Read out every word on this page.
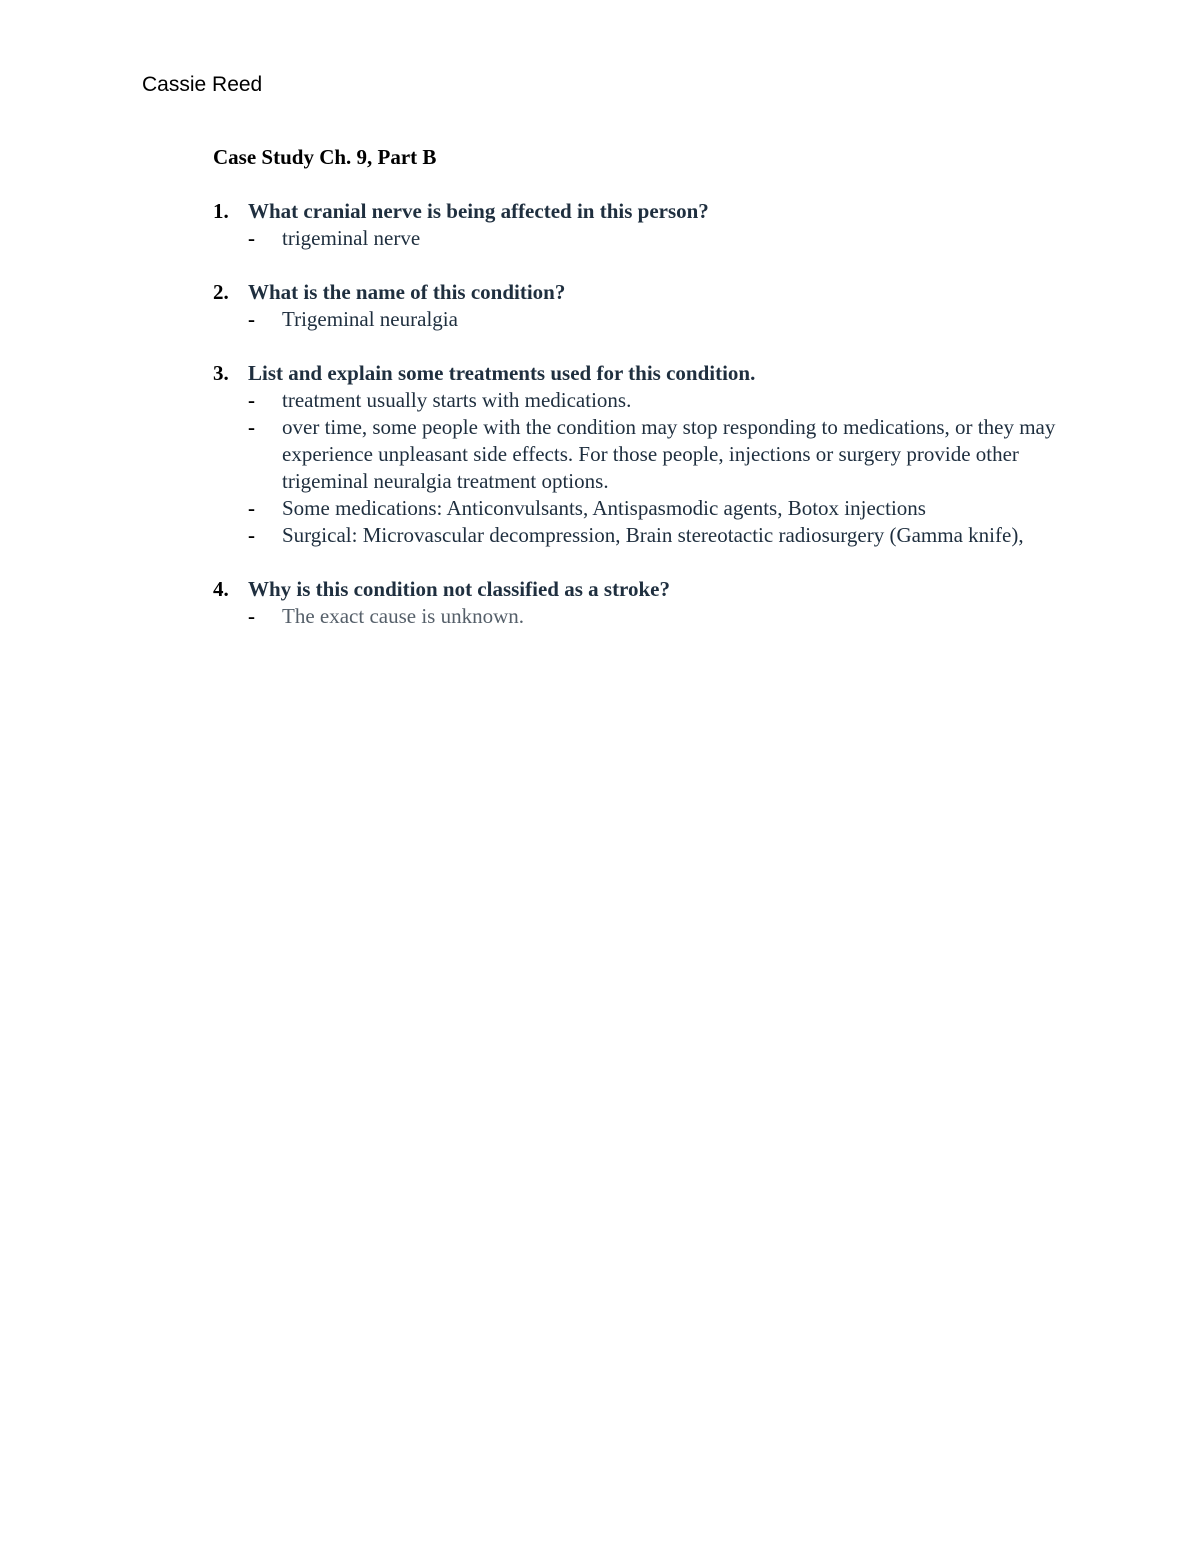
Cassie Reed
Case Study Ch. 9, Part B
1. What cranial nerve is being affected in this person?
- trigeminal nerve
2. What is the name of this condition?
- Trigeminal neuralgia
3. List and explain some treatments used for this condition.
- treatment usually starts with medications.
- over time, some people with the condition may stop responding to medications, or they may experience unpleasant side effects. For those people, injections or surgery provide other trigeminal neuralgia treatment options.
- Some medications: Anticonvulsants, Antispasmodic agents, Botox injections
- Surgical: Microvascular decompression, Brain stereotactic radiosurgery (Gamma knife),
4. Why is this condition not classified as a stroke?
- The exact cause is unknown.
